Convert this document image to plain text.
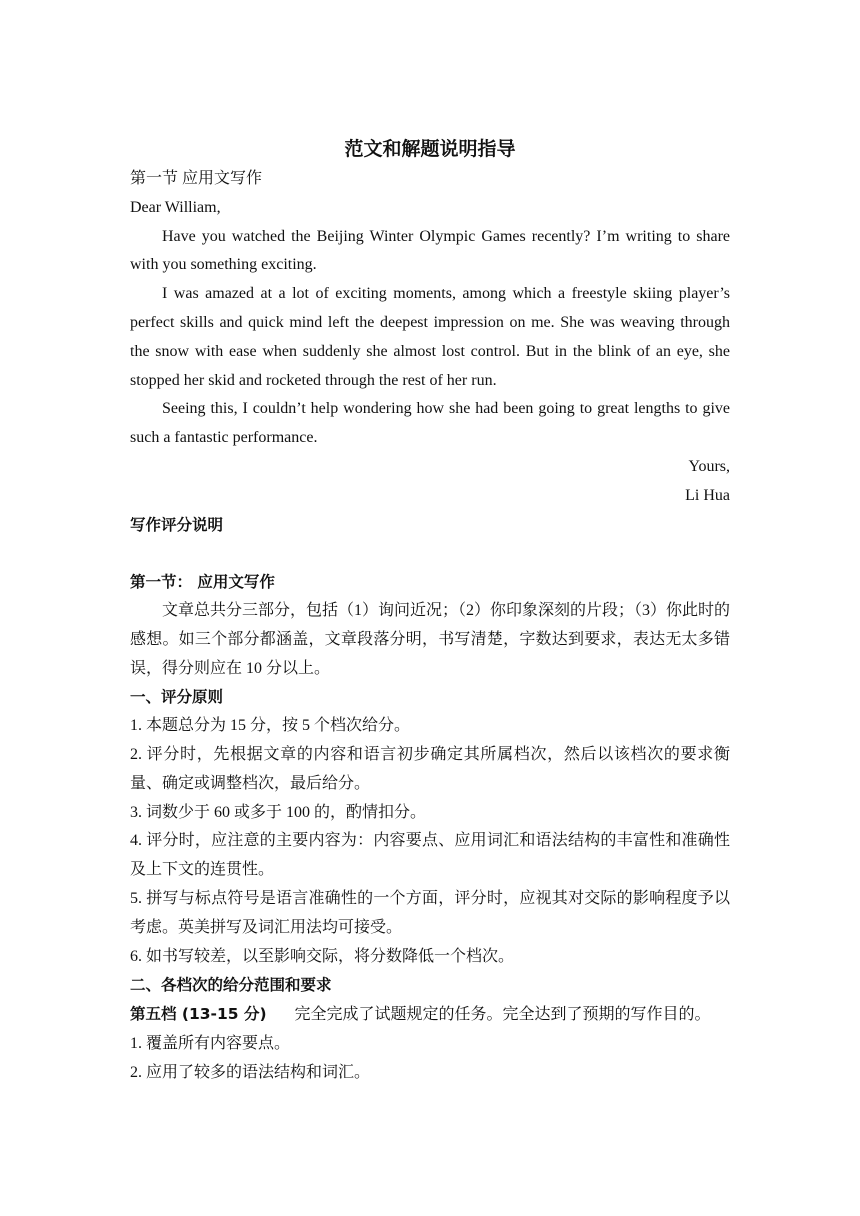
范文和解题说明指导

第一节 应用文写作

Dear William,

Have you watched the Beijing Winter Olympic Games recently? I’m writing to share with you something exciting.

I was amazed at a lot of exciting moments, among which a freestyle skiing player’s perfect skills and quick mind left the deepest impression on me. She was weaving through the snow with ease when suddenly she almost lost control. But in the blink of an eye, she stopped her skid and rocketed through the rest of her run.

Seeing this, I couldn’t help wondering how she had been going to great lengths to give such a fantastic performance.

Yours,

Li Hua

写作评分说明

第一节： 应用文写作

文章总共分三部分，包括（1）询问近况；（2）你印象深刻的片段；（3）你此时的感想。如三个部分都涵盖，文章段落分明，书写清楚，字数达到要求，表达无太多错误，得分则应在 10 分以上。

一、评分原则

1. 本题总分为 15 分，按 5 个档次给分。

2. 评分时，先根据文章的内容和语言初步确定其所属档次，然后以该档次的要求衡量、确定或调整档次，最后给分。

3. 词数少于 60 或多于 100 的，酌情扣分。

4. 评分时，应注意的主要内容为：内容要点、应用词汇和语法结构的丰富性和准确性及上下文的连贯性。

5. 拼写与标点符号是语言准确性的一个方面，评分时，应视其对交际的影响程度予以考虑。英美拼写及词汇用法均可接受。

6. 如书写较差，以至影响交际，将分数降低一个档次。

二、各档次的给分范围和要求

第五档 (13-15 分) 完全完成了试题规定的任务。完全达到了预期的写作目的。

1. 覆盖所有内容要点。

2. 应用了较多的语法结构和词汇。
